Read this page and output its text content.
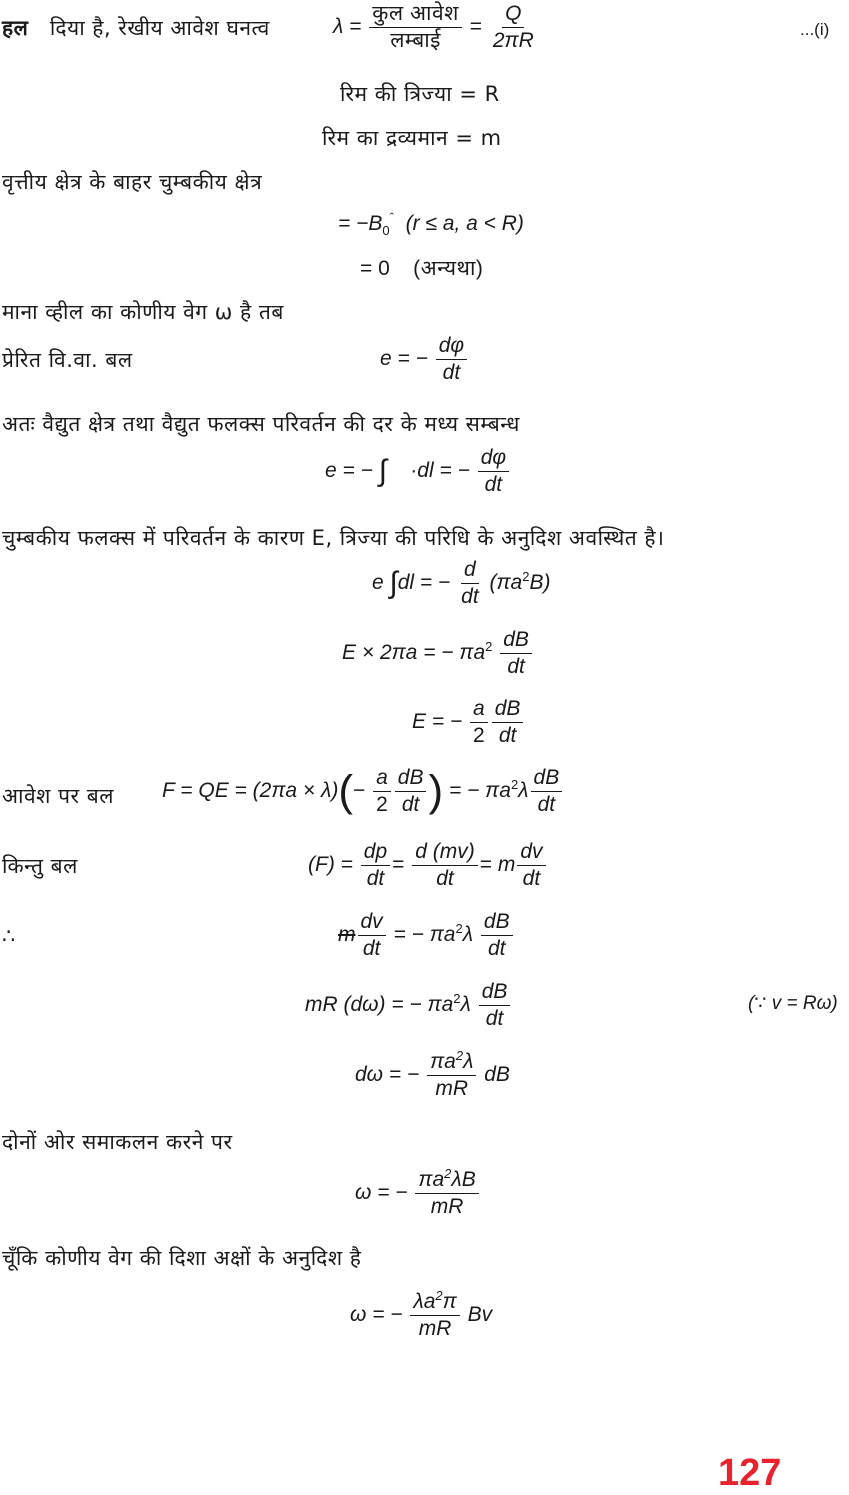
हल दिया है, रेखीय आवेश घनत्व	$\lambda = \frac{\text{कुल आवेश}}{\text{लम्बाई}} = \frac{Q}{2\pi R}$	...(i)
रिम की त्रिज्या = R
रिम का द्रव्यमान = m
वृत्तीय क्षेत्र के बाहर चुम्बकीय क्षेत्र
= $-B_0^ˆ$ (r ≤ a, a < R)
= 0 (अन्यथा)
माना व्हील का कोणीय वेग ω है तब
प्रेरित वि.वा. बल	e = − $\frac{d\varphi}{dt}$
अतः वैद्युत क्षेत्र तथा वैद्युत फलक्स परिवर्तन की दर के मध्य सम्बन्ध
e = − ∫ ·dl = − $\frac{d\varphi}{dt}$
चुम्बकीय फलक्स में परिवर्तन के कारण E, त्रिज्या की परिधि के अनुदिश अवस्थित है।
e ∫dl = − $\frac{d}{dt} (\pi a^2B)$
E × 2πa = − $\pi a^2 \frac{dB}{dt}$
E = − $\frac{a}{2} \frac{dB}{dt}$
आवेश पर बल F = QE = $(2\pi a \times \lambda)(- \frac{a}{2} \frac{dB}{dt}$ ) = − $\pi a^2\lambda \frac{dB}{dt}$
किन्तु बल	$(F) = \frac{dp}{dt} = \frac{d (mv)}{dt} = m \frac{dv}{dt}$
∴	m $\frac{dv}{dt}$ = − $\pi a^2\lambda \frac{dB}{dt}$
mR (dω) = − $\pi a^2\lambda \frac{dB}{dt}$	(∵ v = Rω)
dω = − $\frac{\pi a^2\lambda}{mR}$ dB
दोनों ओर समाकलन करने पर
ω = − $\frac{\pi a^2\lambda B}{mR}$
चूँकि कोणीय वेग की दिशा अक्षों के अनुदिश है
ω = − $\frac{\lambda a^2\pi}{mR}$ Bv
127
